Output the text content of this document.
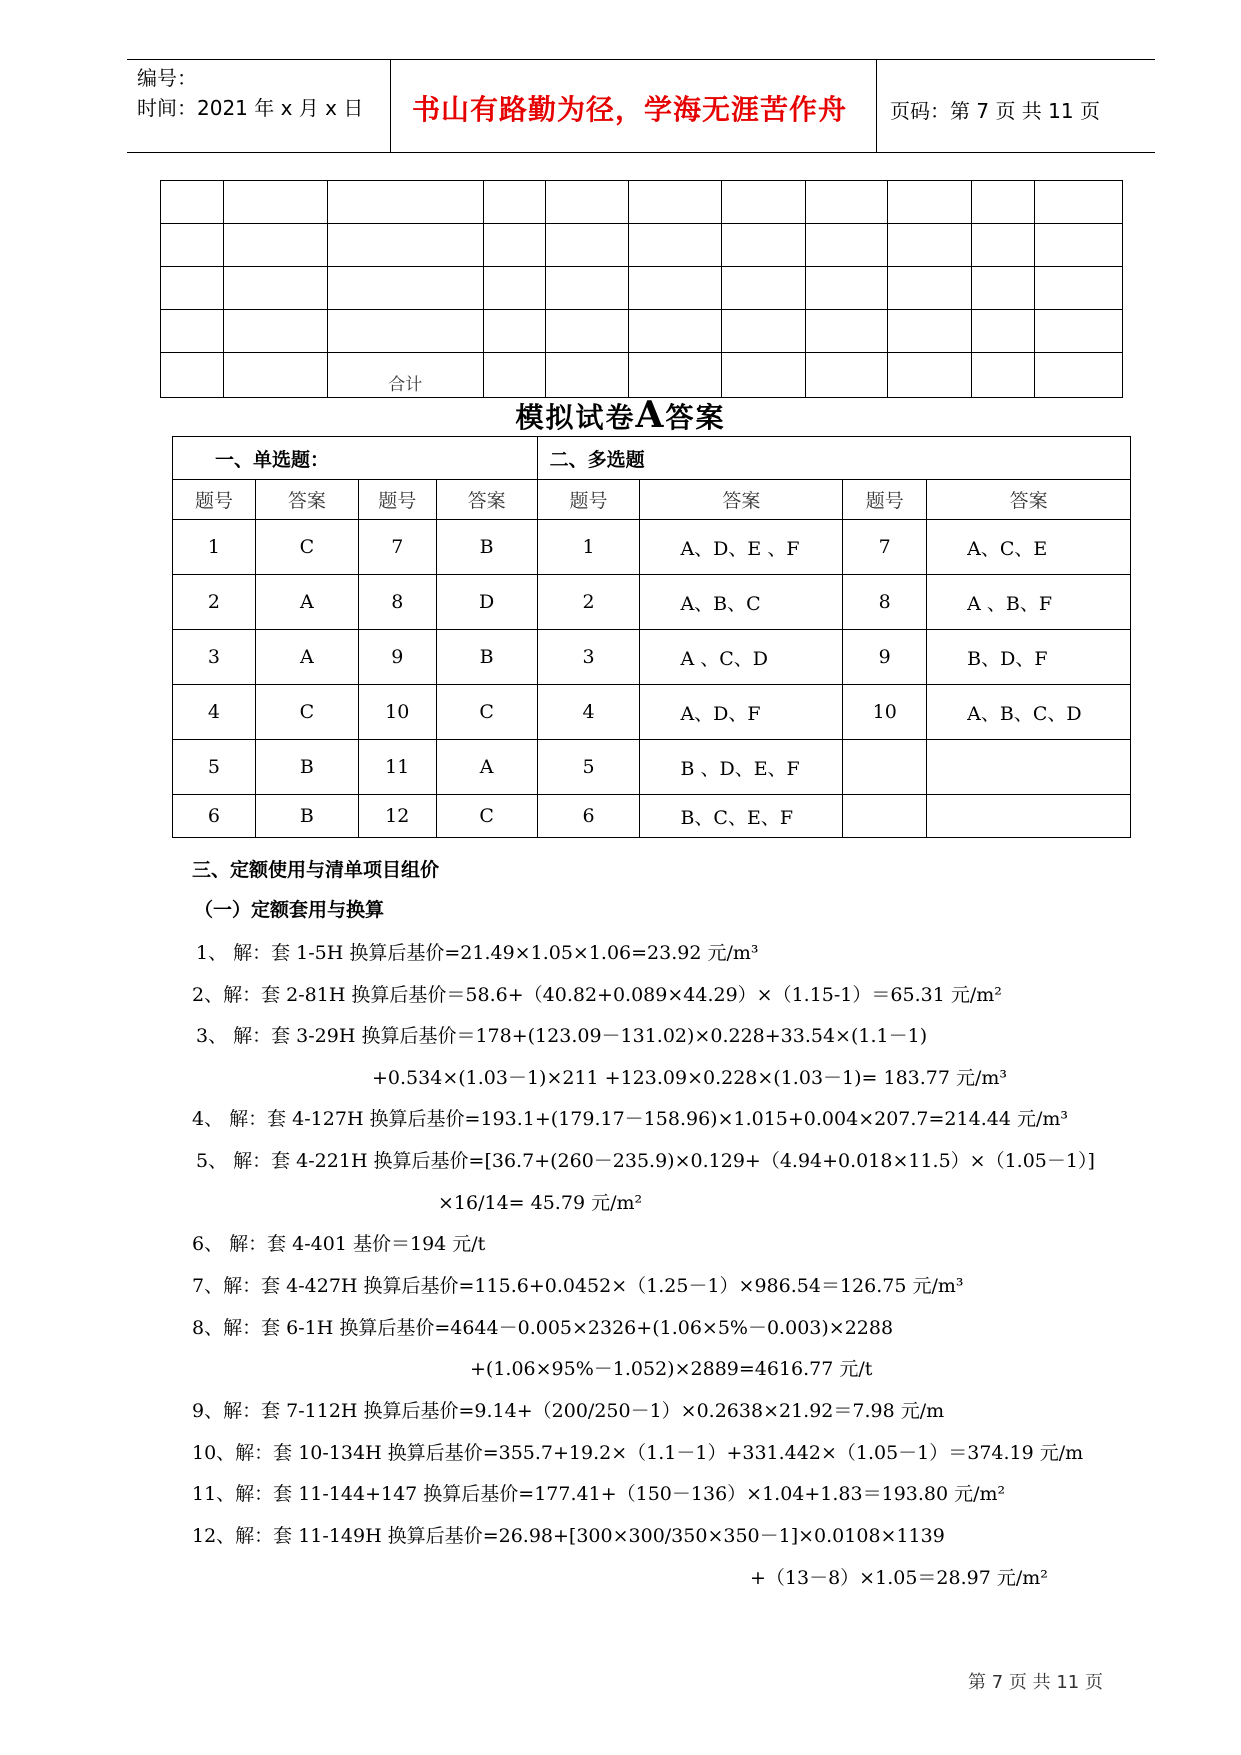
编号：
时间：2021 年 x 月 x 日 书山有路勤为径，学海无涯苦作舟 页码：第 7 页 共 11 页

		合计								
模拟试卷A答案
一、单选题：				二、多选题			
题号	答案	题号	答案	题号	答案	题号	答案
1	C	7	B	1	A、D、E 、F	7	A、C、E
2	A	8	D	2	A、B、C	8	A 、B、F
3	A	9	B	3	A 、C、D	9	B、D、F
4	C	10	C	4	A、D、F	10	A、B、C、D
5	B	11	A	5	B 、D、E、F		
6	B	12	C	6	B、C、E、F		
三、定额使用与清单项目组价
（一）定额套用与换算
1、 解：套 1-5H 换算后基价=21.49×1.05×1.06=23.92 元/m³
2、解：套 2-81H 换算后基价＝58.6+（40.82+0.089×44.29）×（1.15-1）＝65.31 元/m²
3、 解：套 3-29H 换算后基价＝178+(123.09－131.02)×0.228+33.54×(1.1－1)
+0.534×(1.03－1)×211 +123.09×0.228×(1.03－1)= 183.77 元/m³
4、 解：套 4-127H 换算后基价=193.1+(179.17－158.96)×1.015+0.004×207.7=214.44 元/m³
5、 解：套 4-221H 换算后基价=[36.7+(260－235.9)×0.129+（4.94+0.018×11.5）×（1.05－1）]
×16/14= 45.79 元/m²
6、 解：套 4-401 基价＝194 元/t
7、解：套 4-427H 换算后基价=115.6+0.0452×（1.25－1）×986.54＝126.75 元/m³
8、解：套 6-1H 换算后基价=4644－0.005×2326+(1.06×5%－0.003)×2288
+(1.06×95%－1.052)×2889=4616.77 元/t
9、解：套 7-112H 换算后基价=9.14+（200/250－1）×0.2638×21.92＝7.98 元/m
10、解：套 10-134H 换算后基价=355.7+19.2×（1.1－1）+331.442×（1.05－1）＝374.19 元/m
11、解：套 11-144+147 换算后基价=177.41+（150－136）×1.04+1.83＝193.80 元/m²
12、解：套 11-149H 换算后基价=26.98+[300×300/350×350－1]×0.0108×1139
+（13－8）×1.05＝28.97 元/m²
第 7 页 共 11 页
